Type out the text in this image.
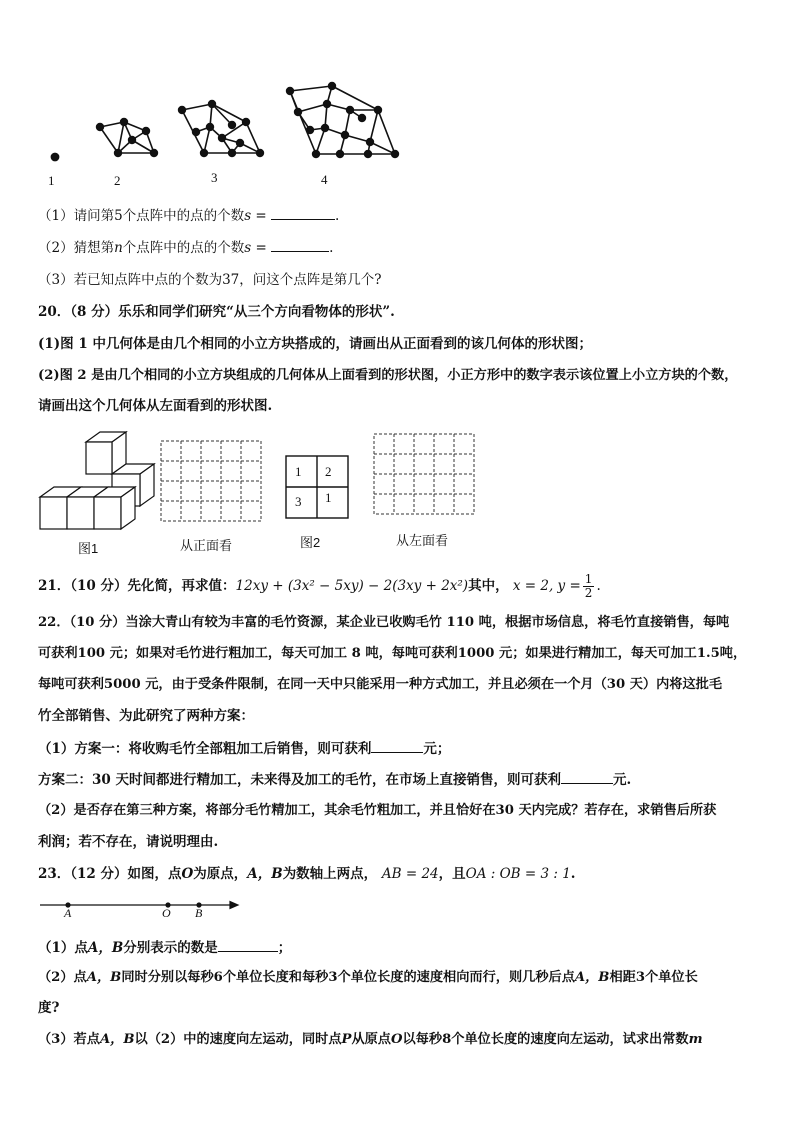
1	2	3	4
（1）请问第5个点阵中的点的个数s =	.
（2）猜想第n个点阵中的点的个数s =	.
（3）若已知点阵中点的个数为37，问这个点阵是第几个?
20．（8 分）乐乐和同学们研究“从三个方向看物体的形状”.
(1)图 1 中几何体是由几个相同的小立方块搭成的，请画出从正面看到的该几何体的形状图；
(2)图 2 是由几个相同的小立方块组成的几何体从上面看到的形状图，小正方形中的数字表示该位置上小立方块的个数，
请画出这个几何体从左面看到的形状图.
图1	从正面看
1 2
3 1
图2	从左面看
21．（10 分）先化简，再求值：12xy + (3x² − 5xy) − 2(3xy + 2x²)其中， x = 2, $y = \frac{1}{2}$ .
22．（10 分）当涂大青山有较为丰富的毛竹资源，某企业已收购毛竹 110 吨，根据市场信息，将毛竹直接销售，每吨
可获利100 元；如果对毛竹进行粗加工，每天可加工 8 吨，每吨可获利1000 元；如果进行精加工，每天可加工1.5吨，
每吨可获利5000 元，由于受条件限制，在同一天中只能采用一种方式加工，并且必须在一个月（30 天）内将这批毛
竹全部销售、为此研究了两种方案：
（1）方案一：将收购毛竹全部粗加工后销售，则可获利	元；
方案二：30 天时间都进行精加工，未来得及加工的毛竹，在市场上直接销售，则可获利	元.
（2）是否存在第三种方案，将部分毛竹精加工，其余毛竹粗加工，并且恰好在30 天内完成？若存在，求销售后所获
利润；若不存在，请说明理由.
23．（12 分）如图，点O为原点，A，B为数轴上两点， AB = 24，且OA : OB = 3 : 1.
A	O B
（1）点A，B分别表示的数是	；
（2）点A，B同时分别以每秒6个单位长度和每秒3个单位长度的速度相向而行，则几秒后点A，B相距3个单位长
度?
（3）若点A，B以（2）中的速度向左运动，同时点P从原点O以每秒8个单位长度的速度向左运动，试求出常数m
